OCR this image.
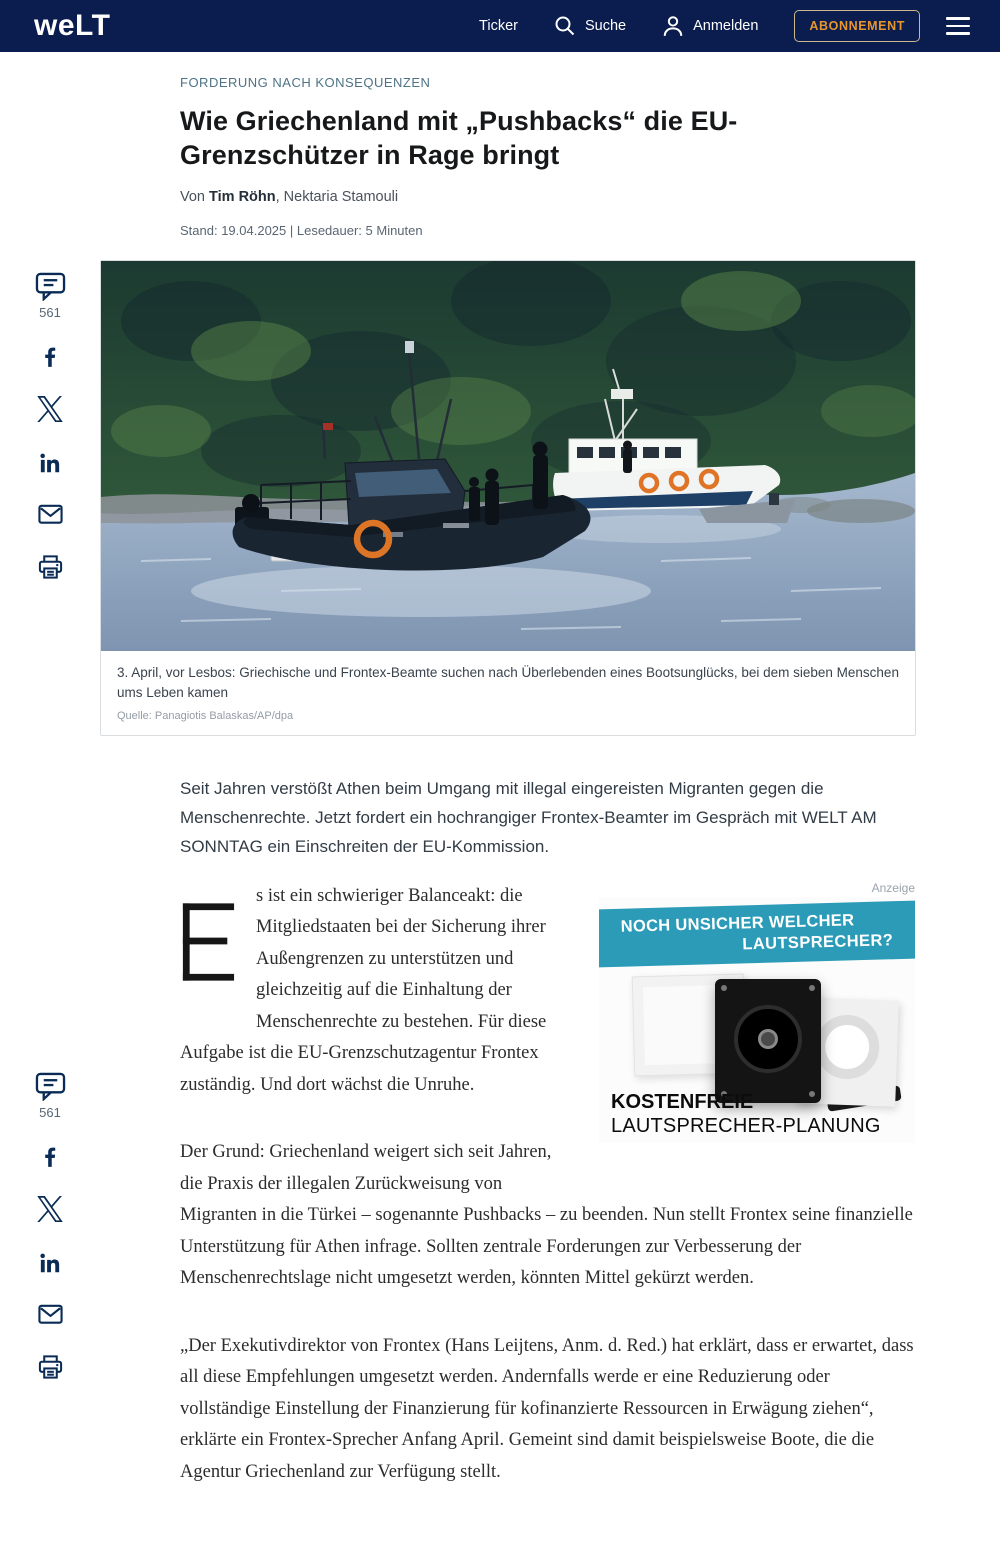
weLT	Ticker	Suche	Anmelden	ABONNEMENT
561
561
FORDERUNG NACH KONSEQUENZEN
Wie Griechenland mit „Pushbacks“ die EU-
Grenzschützer in Rage bringt
Von Tim Röhn, Nektaria Stamouli
Stand: 19.04.2025 | Lesedauer: 5 Minuten
3. April, vor Lesbos: Griechische und Frontex-Beamte suchen nach Überlebenden eines Bootsunglücks, bei dem sieben Menschen ums Leben kamen
Quelle: Panagiotis Balaskas/AP/dpa

Seit Jahren verstößt Athen beim Umgang mit illegal eingereisten Migranten gegen die Menschenrechte. Jetzt fordert ein hochrangiger Frontex-Beamter im Gespräch mit WELT AM SONNTAG ein Einschreiten der EU-Kommission.

Anzeige
NOCH UNSICHER WELCHER
LAUTSPRECHER?
KOSTENFREIE
LAUTSPRECHER-PLANUNG

s ist ein schwieriger Balanceakt: die Mitgliedstaaten bei der Sicherung ihrer Außengrenzen zu unterstützen und gleichzeitig auf die Einhaltung der Menschenrechte zu bestehen. Für diese Aufgabe ist die EU-Grenzschutzagentur Frontex zuständig. Und dort wächst die Unruhe.

Der Grund: Griechenland weigert sich seit Jahren, die Praxis der illegalen Zurückweisung von Migranten in die Türkei – sogenannte Pushbacks – zu beenden. Nun stellt Frontex seine finanzielle Unterstützung für Athen infrage. Sollten zentrale Forderungen zur Verbesserung der Menschenrechtslage nicht umgesetzt werden, könnten Mittel gekürzt werden.

„Der Exekutivdirektor von Frontex (Hans Leijtens, Anm. d. Red.) hat erklärt, dass er erwartet, dass all diese Empfehlungen umgesetzt werden. Andernfalls werde er eine Reduzierung oder vollständige Einstellung der Finanzierung für kofinanzierte Ressourcen in Erwägung ziehen“, erklärte ein Frontex-Sprecher Anfang April. Gemeint sind damit beispielsweise Boote, die die Agentur Griechenland zur Verfügung stellt.
